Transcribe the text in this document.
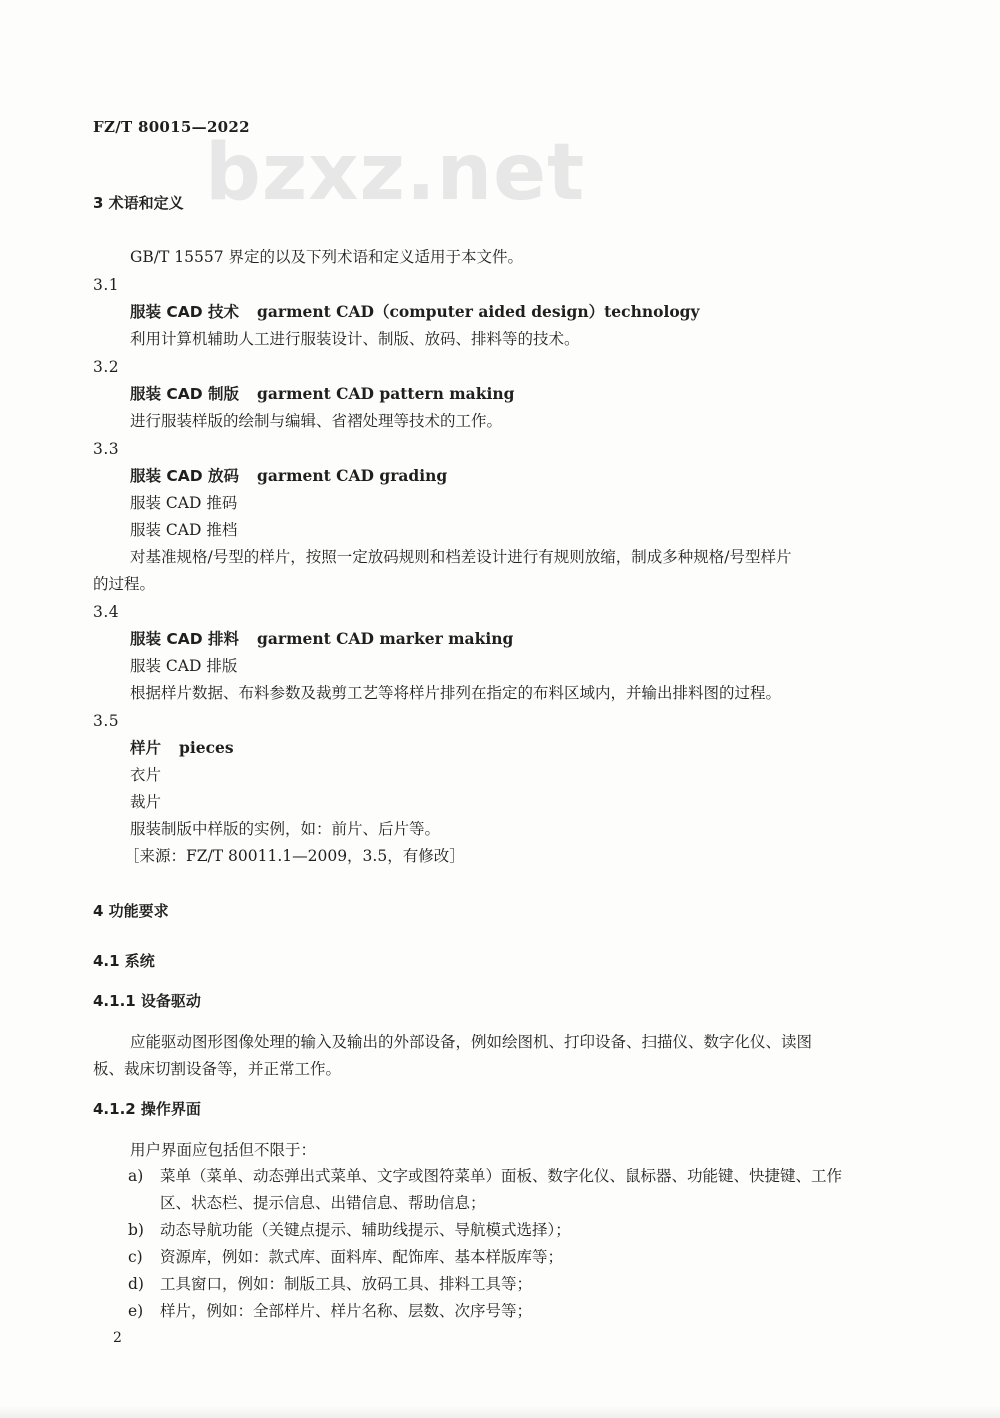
bzxz.net
FZ/T 80015—2022
3 术语和定义
GB/T 15557 界定的以及下列术语和定义适用于本文件。
3.1
服装 CAD 技术 garment CAD（computer aided design）technology
利用计算机辅助人工进行服装设计、制版、放码、排料等的技术。
3.2
服装 CAD 制版 garment CAD pattern making
进行服装样版的绘制与编辑、省褶处理等技术的工作。
3.3
服装 CAD 放码 garment CAD grading
服装 CAD 推码
服装 CAD 推档
对基准规格/号型的样片，按照一定放码规则和档差设计进行有规则放缩，制成多种规格/号型样片
的过程。
3.4
服装 CAD 排料 garment CAD marker making
服装 CAD 排版
根据样片数据、布料参数及裁剪工艺等将样片排列在指定的布料区域内，并输出排料图的过程。
3.5
样片 pieces
衣片
裁片
服装制版中样版的实例，如：前片、后片等。
［来源：FZ/T 80011.1—2009，3.5，有修改］
4 功能要求
4.1 系统
4.1.1 设备驱动
应能驱动图形图像处理的输入及输出的外部设备，例如绘图机、打印设备、扫描仪、数字化仪、读图
板、裁床切割设备等，并正常工作。
4.1.2 操作界面
用户界面应包括但不限于：
a) 菜单（菜单、动态弹出式菜单、文字或图符菜单）面板、数字化仪、鼠标器、功能键、快捷键、工作
区、状态栏、提示信息、出错信息、帮助信息；
b) 动态导航功能（关键点提示、辅助线提示、导航模式选择）；
c) 资源库，例如：款式库、面料库、配饰库、基本样版库等；
d) 工具窗口，例如：制版工具、放码工具、排料工具等；
e) 样片，例如：全部样片、样片名称、层数、次序号等；
2
